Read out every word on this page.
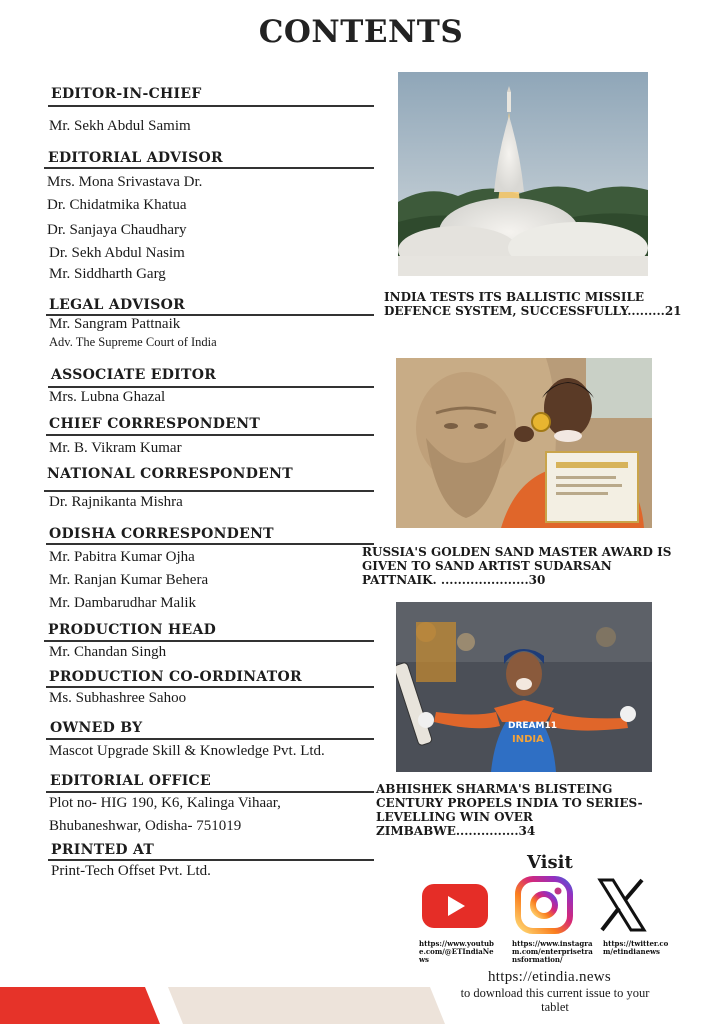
CONTENTS
EDITOR-IN-CHIEF
Mr. Sekh Abdul Samim
EDITORIAL ADVISOR
Mrs. Mona Srivastava Dr.
Dr. Chidatmika Khatua
Dr. Sanjaya Chaudhary
Dr. Sekh Abdul Nasim
Mr. Siddharth Garg
LEGAL ADVISOR
Mr. Sangram Pattnaik
Adv. The Supreme Court of India
ASSOCIATE EDITOR
Mrs. Lubna Ghazal
CHIEF CORRESPONDENT
Mr. B. Vikram Kumar
NATIONAL CORRESPONDENT
Dr. Rajnikanta Mishra
ODISHA CORRESPONDENT
Mr. Pabitra Kumar Ojha
Mr. Ranjan Kumar Behera
Mr. Dambarudhar Malik
PRODUCTION HEAD
Mr. Chandan Singh
PRODUCTION CO-ORDINATOR
Ms. Subhashree Sahoo
OWNED BY
Mascot Upgrade Skill & Knowledge Pvt. Ltd.
EDITORIAL OFFICE
Plot no- HIG 190, K6, Kalinga Vihaar,
Bhubaneshwar, Odisha- 751019
PRINTED AT
Print-Tech Offset Pvt. Ltd.
INDIA TESTS ITS BALLISTIC MISSILE DEFENCE SYSTEM, SUCCESSFULLY.........21
RUSSIA'S GOLDEN SAND MASTER AWARD IS GIVEN TO SAND ARTIST SUDARSAN PATTNAIK. .....................30
DREAM11
INDIA
ABHISHEK SHARMA'S BLISTEING CENTURY PROPELS INDIA TO SERIES-LEVELLING WIN OVER ZIMBABWE...............34
Visit
https://www.youtube.com/@ETIndiaNews
https://www.instagram.com/enterprisetransformation/
https://twitter.com/etindianews
https://etindia.news
to download this current issue to your tablet
